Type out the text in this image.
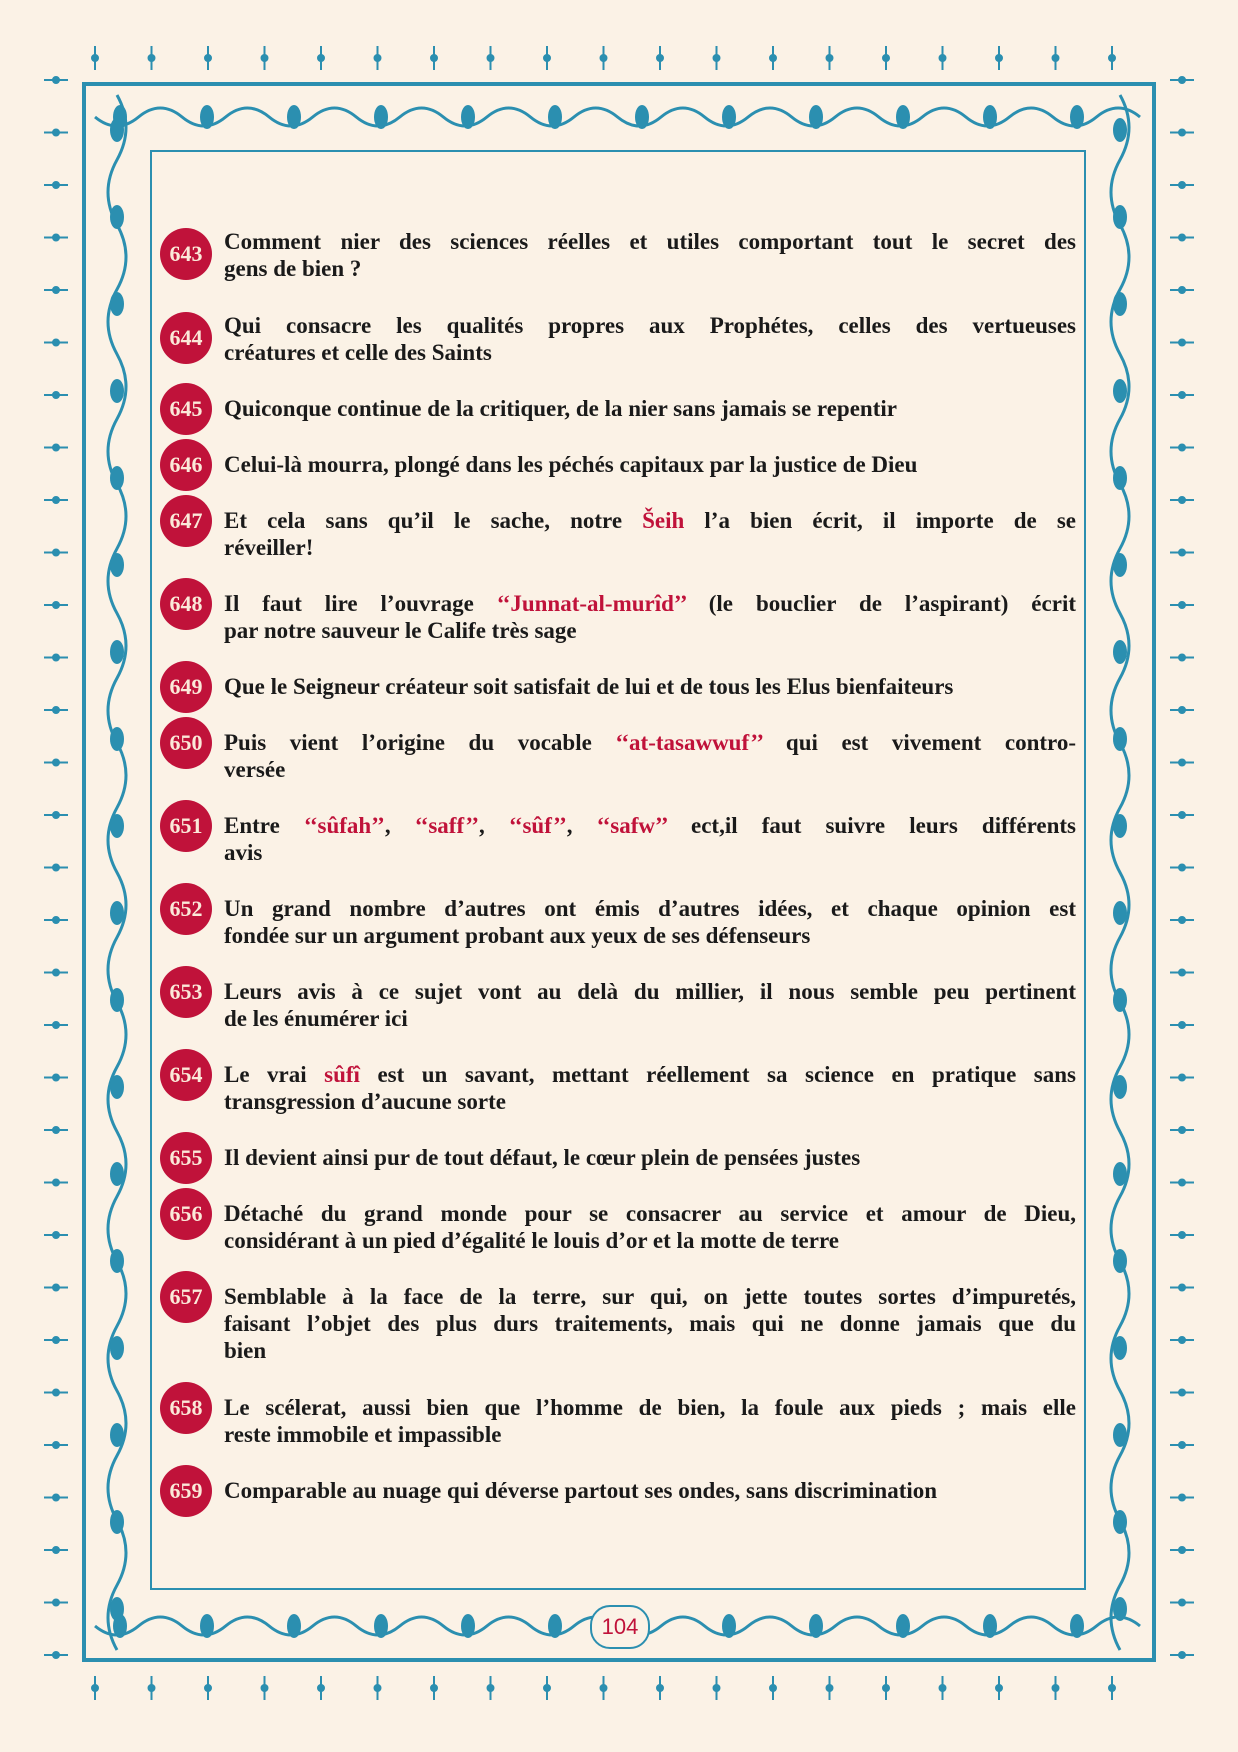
643 Comment nier des sciences réelles et utiles comportant tout le secret des
gens de bien ?
644 Qui consacre les qualités propres aux Prophétes, celles des vertueuses
créatures et celle des Saints
645 Quiconque continue de la critiquer, de la nier sans jamais se repentir
646 Celui-là mourra, plongé dans les péchés capitaux par la justice de Dieu
647 Et cela sans qu’il le sache, notre Šeih l’a bien écrit, il importe de se
réveiller!
648 Il faut lire l’ouvrage ‘‘Junnat-al-murîd’’ (le bouclier de l’aspirant) écrit
par notre sauveur le Calife très sage
649 Que le Seigneur créateur soit satisfait de lui et de tous les Elus bienfaiteurs
650 Puis vient l’origine du vocable ‘‘at-tasawwuf’’ qui est vivement contro-
versée
651 Entre ‘‘sûfah’’, ‘‘saff’’, ‘‘sûf’’, ‘‘safw’’ ect,il faut suivre leurs différents
avis
652 Un grand nombre d’autres ont émis d’autres idées, et chaque opinion est
fondée sur un argument probant aux yeux de ses défenseurs
653 Leurs avis à ce sujet vont au delà du millier, il nous semble peu pertinent
de les énumérer ici
654 Le vrai sûfî est un savant, mettant réellement sa science en pratique sans
transgression d’aucune sorte
655 Il devient ainsi pur de tout défaut, le cœur plein de pensées justes
656 Détaché du grand monde pour se consacrer au service et amour de Dieu,
considérant à un pied d’égalité le louis d’or et la motte de terre
657 Semblable à la face de la terre, sur qui, on jette toutes sortes d’impuretés,
faisant l’objet des plus durs traitements, mais qui ne donne jamais que du
bien
658 Le scélerat, aussi bien que l’homme de bien, la foule aux pieds ; mais elle
reste immobile et impassible
659 Comparable au nuage qui déverse partout ses ondes, sans discrimination
104
